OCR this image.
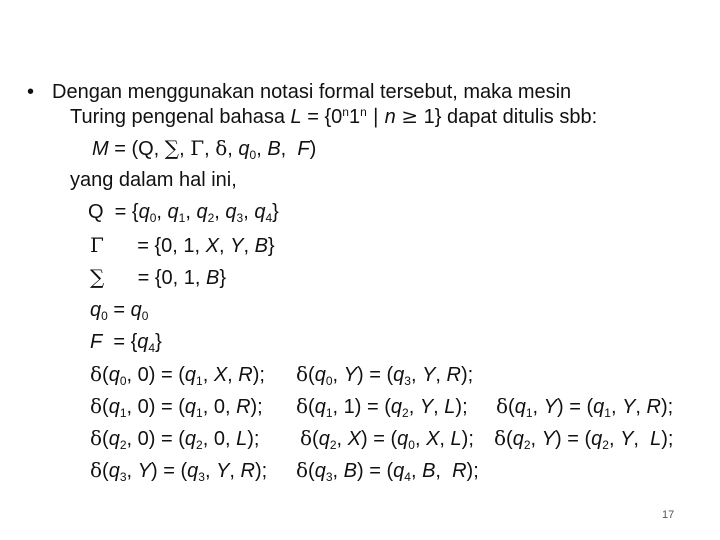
• Dengan menggunakan notasi formal tersebut, maka mesin
Turing pengenal bahasa $L = \{0^n1^n$ | n ≥ 1} dapat ditulis sbb:
M = (Q, ∑, Γ, δ, $q_0$, B,  F)
yang dalam hal ini,
$Q = \{q_0$, $q_1$, $q_2$, $q_3$, $q_4$}
Γ      = {0, 1, X, Y, B}
∑      = {0, 1, B}
$q_0 = q_0$
$F = \{q_4\}$
$\delta(q_0$, $0) = (q_1$, X, R); $\delta(q_0$, $Y) = (q_3$, Y, R);
$\delta(q_1$, $0) = (q_1$, 0, R); $\delta(q_1$, $1) = (q_2$, Y, L); $\delta(q_1$, $Y) = (q_1$, Y, R);
$\delta(q_2$, $0) = (q_2$, 0, L); $\delta(q_2$, $X) = (q_0$, X, L); $\delta(q_2$, $Y) = (q_2$, Y,  L);
$\delta(q_3$, $Y) = (q_3$, Y, R); $\delta(q_3$, $B) = (q_4$, B,  R);
17
